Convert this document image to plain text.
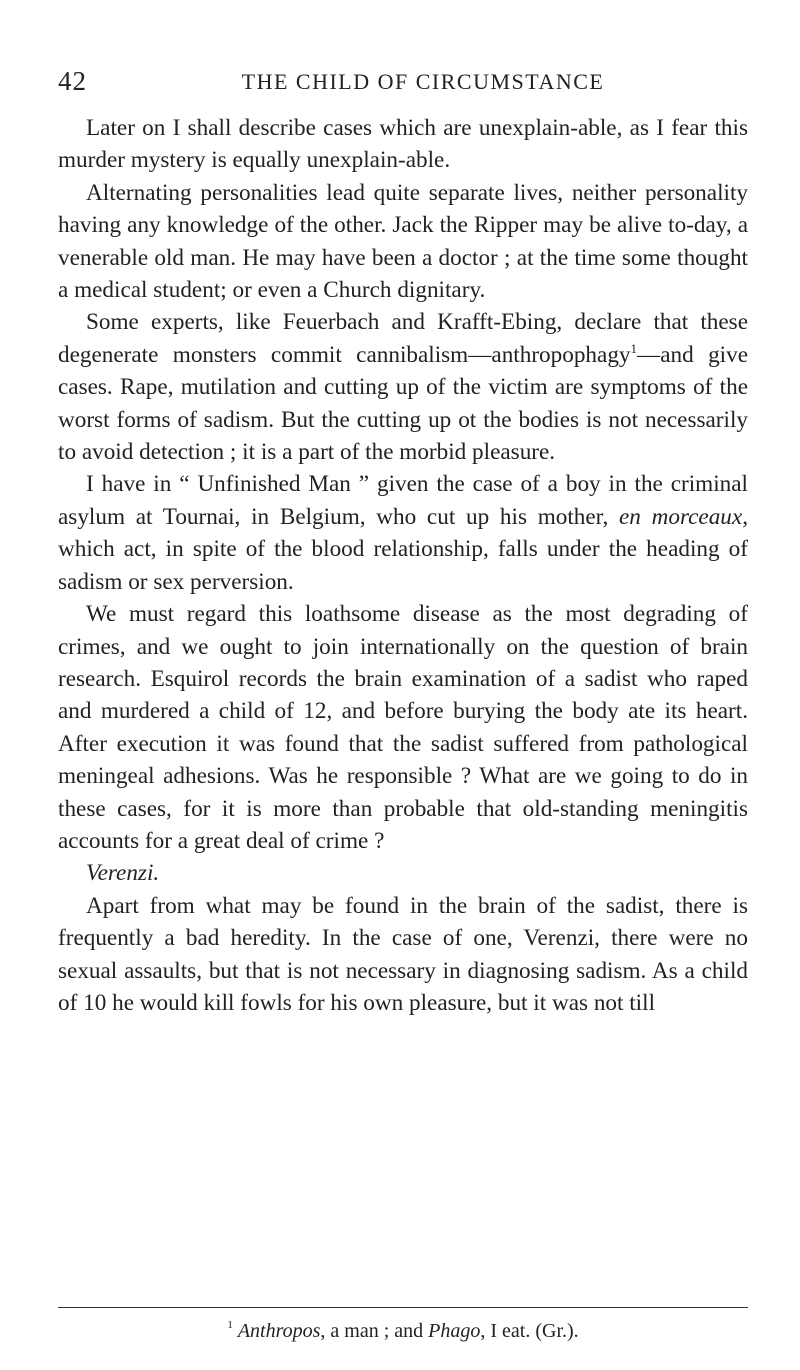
42	THE CHILD OF CIRCUMSTANCE

Later on I shall describe cases which are unexplain-able, as I fear this murder mystery is equally unexplain-able.

Alternating personalities lead quite separate lives, neither personality having any knowledge of the other. Jack the Ripper may be alive to-day, a venerable old man. He may have been a doctor ; at the time some thought a medical student; or even a Church dignitary.

Some experts, like Feuerbach and Krafft-Ebing, declare that these degenerate monsters commit cannibalism—anthropophagy$^1$—and give cases. Rape, mutilation and cutting up of the victim are symptoms of the worst forms of sadism. But the cutting up ot the bodies is not necessarily to avoid detection ; it is a part of the morbid pleasure.

I have in “ Unfinished Man ” given the case of a boy in the criminal asylum at Tournai, in Belgium, who cut up his mother, en morceaux, which act, in spite of the blood relationship, falls under the heading of sadism or sex perversion.

We must regard this loathsome disease as the most degrading of crimes, and we ought to join internationally on the question of brain research. Esquirol records the brain examination of a sadist who raped and murdered a child of 12, and before burying the body ate its heart. After execution it was found that the sadist suffered from pathological meningeal adhesions. Was he responsible ? What are we going to do in these cases, for it is more than probable that old-standing meningitis accounts for a great deal of crime ?

Verenzi.

Apart from what may be found in the brain of the sadist, there is frequently a bad heredity. In the case of one, Verenzi, there were no sexual assaults, but that is not necessary in diagnosing sadism. As a child of 10 he would kill fowls for his own pleasure, but it was not till

$^1$ Anthropos, a man ; and Phago, I eat. (Gr.).
